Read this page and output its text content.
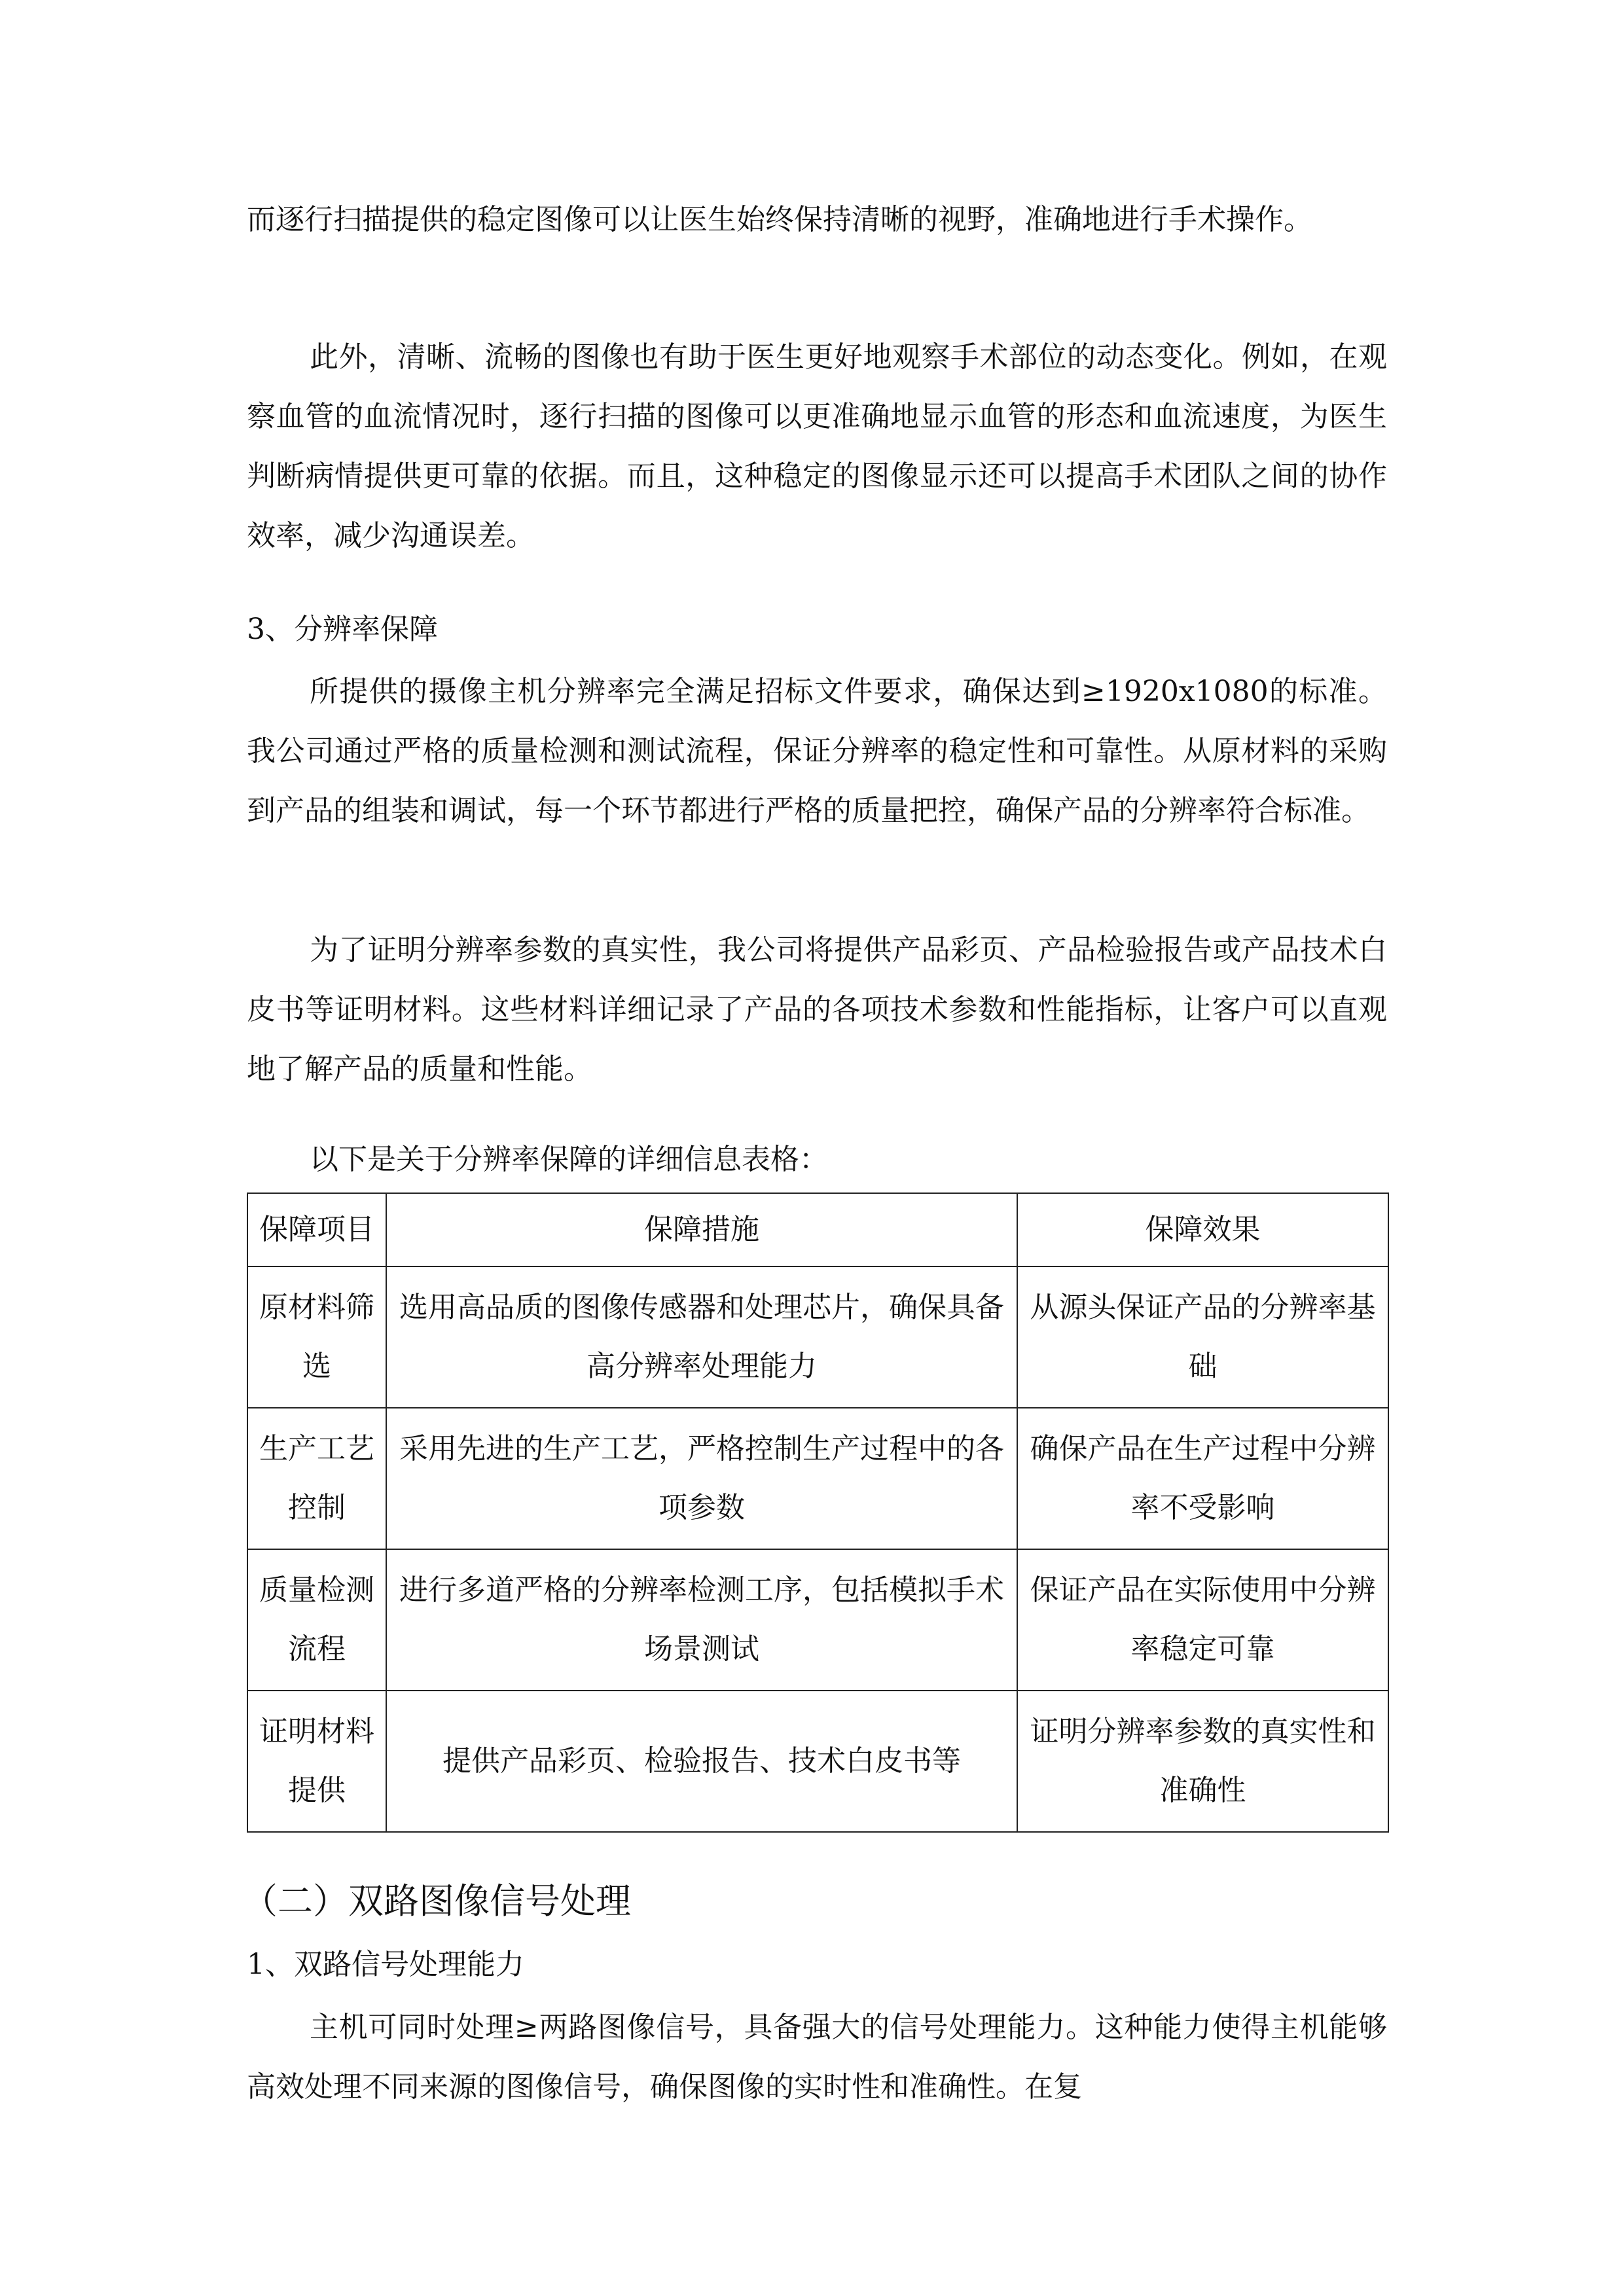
而逐行扫描提供的稳定图像可以让医生始终保持清晰的视野，准确地进行手术操作。

此外，清晰、流畅的图像也有助于医生更好地观察手术部位的动态变化。例如，在观察血管的血流情况时，逐行扫描的图像可以更准确地显示血管的形态和血流速度，为医生判断病情提供更可靠的依据。而且，这种稳定的图像显示还可以提高手术团队之间的协作效率，减少沟通误差。

3、分辨率保障

所提供的摄像主机分辨率完全满足招标文件要求，确保达到≥1920x1080的标准。我公司通过严格的质量检测和测试流程，保证分辨率的稳定性和可靠性。从原材料的采购到产品的组装和调试，每一个环节都进行严格的质量把控，确保产品的分辨率符合标准。

为了证明分辨率参数的真实性，我公司将提供产品彩页、产品检验报告或产品技术白皮书等证明材料。这些材料详细记录了产品的各项技术参数和性能指标，让客户可以直观地了解产品的质量和性能。

以下是关于分辨率保障的详细信息表格：

保障项目	保障措施	保障效果
原材料筛选	选用高品质的图像传感器和处理芯片，确保具备高分辨率处理能力	从源头保证产品的分辨率基础
生产工艺控制	采用先进的生产工艺，严格控制生产过程中的各项参数	确保产品在生产过程中分辨率不受影响
质量检测流程	进行多道严格的分辨率检测工序，包括模拟手术场景测试	保证产品在实际使用中分辨率稳定可靠
证明材料提供	提供产品彩页、检验报告、技术白皮书等	证明分辨率参数的真实性和准确性

（二）双路图像信号处理

1、双路信号处理能力

主机可同时处理≥两路图像信号，具备强大的信号处理能力。这种能力使得主机能够高效处理不同来源的图像信号，确保图像的实时性和准确性。在复
